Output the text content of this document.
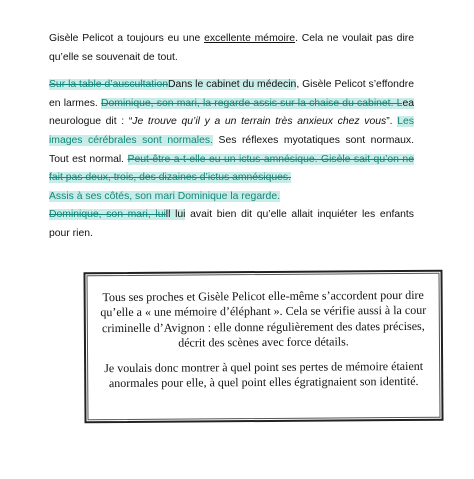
Gisèle Pelicot a toujours eu une excellente mémoire. Cela ne voulait pas dire qu’elle se souvenait de tout.

Sur la table d’auscultationDans le cabinet du médecin, Gisèle Pelicot s’effondre en larmes. Dominique, son mari, la regarde assis sur la chaise du cabinet. Lea neurologue dit : “Je trouve qu’il y a un terrain très anxieux chez vous”. Les images cérébrales sont normales. Ses réflexes myotatiques sont normaux. Tout est normal. Peut-être a-t-elle eu un ictus amnésique. Gisèle sait qu’on ne fait pas deux, trois, des dizaines d’ictus amnésiques.
Assis à ses côtés, son mari Dominique la regarde.
Dominique, son mari, luill lui avait bien dit qu’elle allait inquiéter les enfants pour rien.

Tous ses proches et Gisèle Pelicot elle-même s’accordent pour dire qu’elle a « une mémoire d’éléphant ». Cela se vérifie aussi à la cour criminelle d’Avignon : elle donne régulièrement des dates précises, décrit des scènes avec force détails.

Je voulais donc montrer à quel point ses pertes de mémoire étaient anormales pour elle, à quel point elles égratignaient son identité.
